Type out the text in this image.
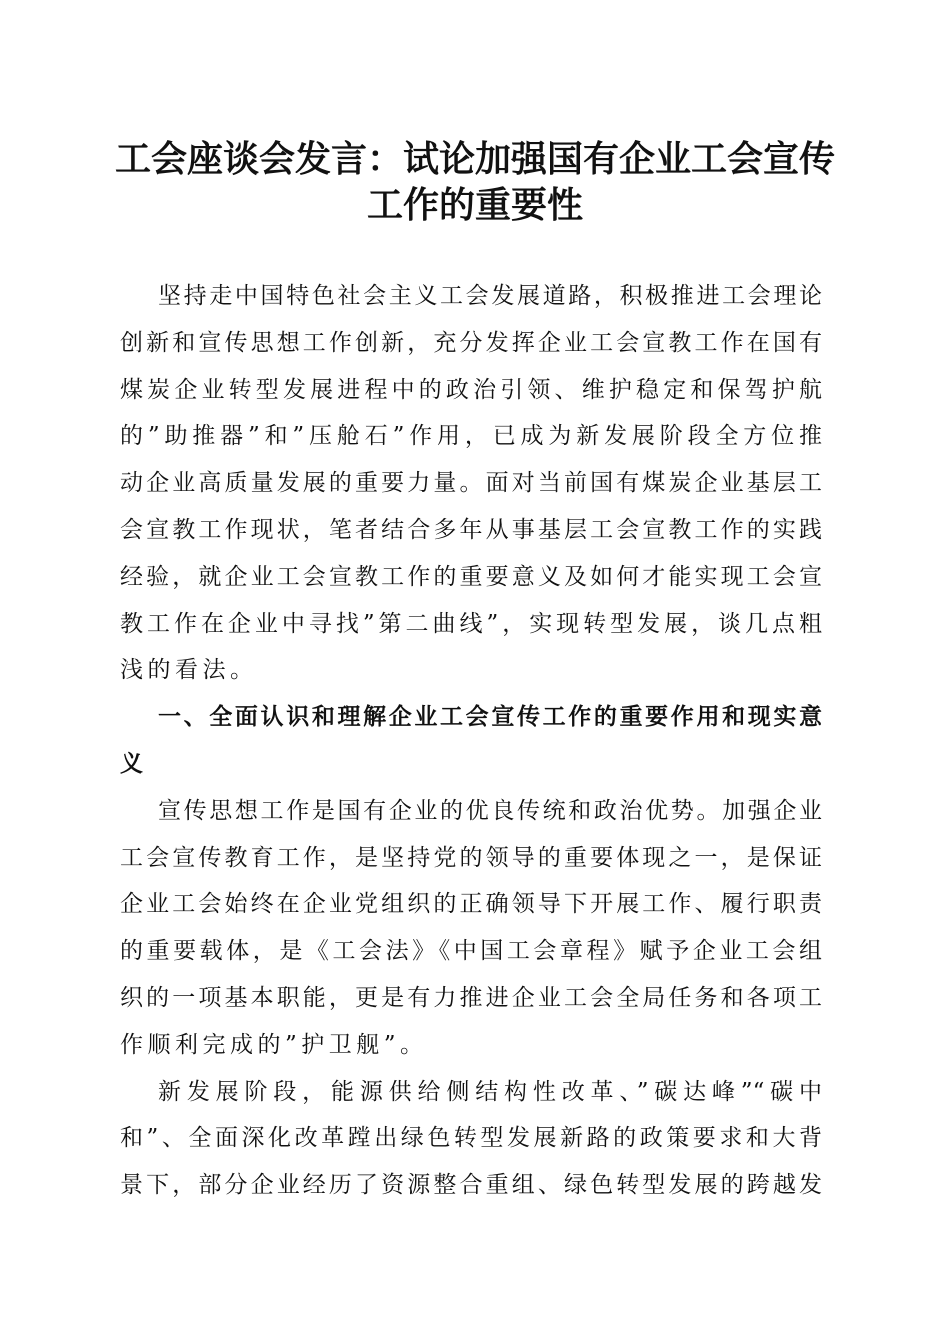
工会座谈会发言：试论加强国有企业工会宣传
工作的重要性
坚持走中国特色社会主义工会发展道路，积极推进工会理论
创新和宣传思想工作创新，充分发挥企业工会宣教工作在国有
煤炭企业转型发展进程中的政治引领、维护稳定和保驾护航
的”助推器”和”压舱石”作用，已成为新发展阶段全方位推
动企业高质量发展的重要力量。面对当前国有煤炭企业基层工
会宣教工作现状，笔者结合多年从事基层工会宣教工作的实践
经验，就企业工会宣教工作的重要意义及如何才能实现工会宣
教工作在企业中寻找”第二曲线”，实现转型发展，谈几点粗
浅的看法。
一、全面认识和理解企业工会宣传工作的重要作用和现实意
义
宣传思想工作是国有企业的优良传统和政治优势。加强企业
工会宣传教育工作，是坚持党的领导的重要体现之一，是保证
企业工会始终在企业党组织的正确领导下开展工作、履行职责
的重要载体，是《工会法》《中国工会章程》赋予企业工会组
织的一项基本职能，更是有力推进企业工会全局任务和各项工
作顺利完成的”护卫舰”。
新发展阶段，能源供给侧结构性改革、”碳达峰”“碳中
和”、全面深化改革蹚出绿色转型发展新路的政策要求和大背
景下，部分企业经历了资源整合重组、绿色转型发展的跨越发
